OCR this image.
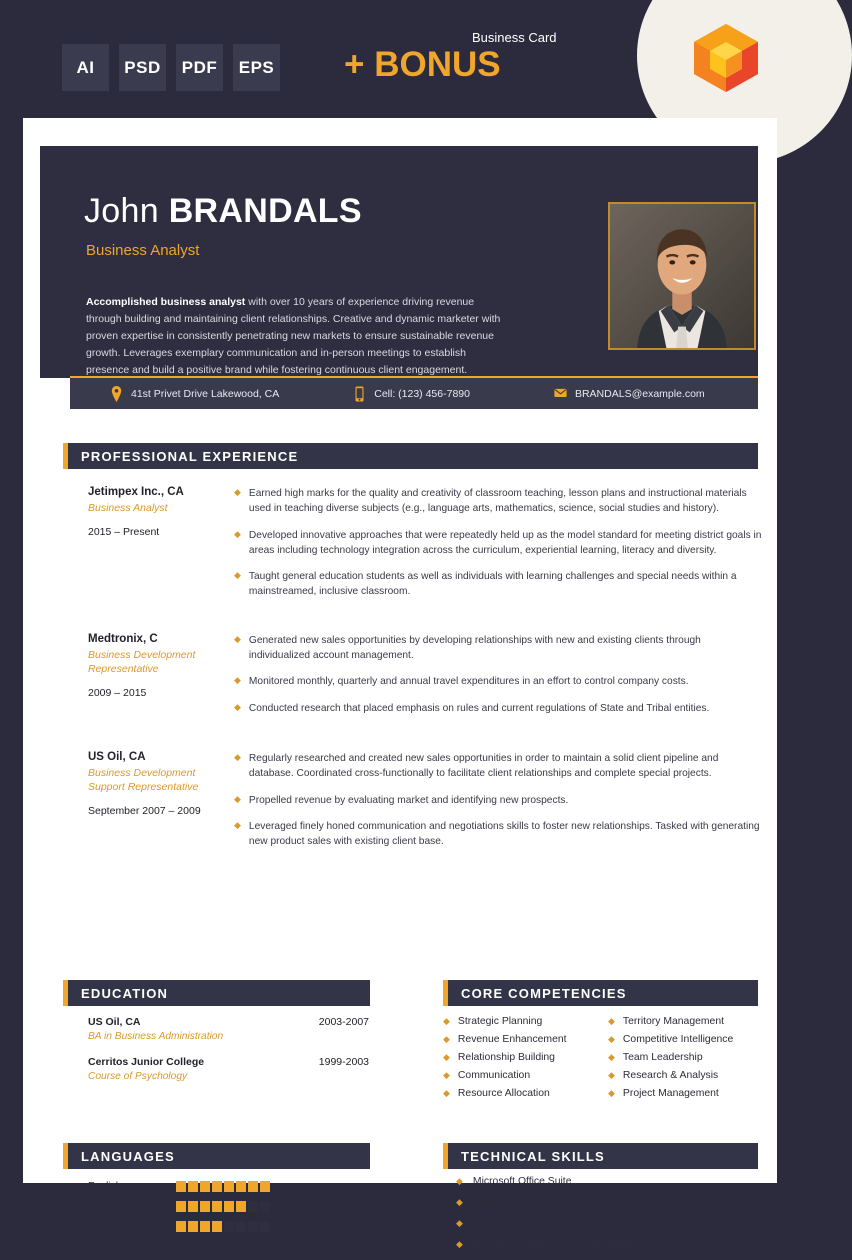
AI	PSD	PDF	EPS
Business Card
+ BONUS
John BRANDALS
Business Analyst
Accomplished business analyst with over 10 years of experience driving revenue through building and maintaining client relationships. Creative and dynamic marketer with proven expertise in consistently penetrating new markets to ensure sustainable revenue growth. Leverages exemplary communication and in-person meetings to establish presence and build a positive brand while fostering continuous client engagement.
41st Privet Drive Lakewood, CA	Cell: (123) 456-7890	BRANDALS@example.com
PROFESSIONAL EXPERIENCE
Jetimpex Inc., CA
Business Analyst
2015 – Present
◆ Earned high marks for the quality and creativity of classroom teaching, lesson plans and instructional materials used in teaching diverse subjects (e.g., language arts, mathematics, science, social studies and history).
◆ Developed innovative approaches that were repeatedly held up as the model standard for meeting district goals in areas including technology integration across the curriculum, experiential learning, literacy and diversity.
◆ Taught general education students as well as individuals with learning challenges and special needs within a mainstreamed, inclusive classroom.
Medtronix, C
Business Development Representative
2009 – 2015
◆ Generated new sales opportunities by developing relationships with new and existing clients through individualized account management.
◆ Monitored monthly, quarterly and annual travel expenditures in an effort to control company costs.
◆ Conducted research that placed emphasis on rules and current regulations of State and Tribal entities.
US Oil, CA
Business Development Support Representative
September 2007 – 2009
◆ Regularly researched and created new sales opportunities in order to maintain a solid client pipeline and database. Coordinated cross-functionally to facilitate client relationships and complete special projects.
◆ Propelled revenue by evaluating market and identifying new prospects.
◆ Leveraged finely honed communication and negotiations skills to foster new relationships. Tasked with generating new product sales with existing client base.
EDUCATION
US Oil, CA
BA in Business Administration
2003-2007
Cerritos Junior College
Course of Psychology
1999-2003
CORE COMPETENCIES
◆ Strategic Planning
◆ Revenue Enhancement
◆ Relationship Building
◆ Communication
◆ Resource Allocation
◆ Territory Management
◆ Competitive Intelligence
◆ Team Leadership
◆ Research & Analysis
◆ Project Management
LANGUAGES
English
Spanish
French
TECHNICAL SKILLS
◆ Microsoft Office Suite
◆ SalesForce.com
◆ HubSpot
◆ Google Analytics, Google Adwords
